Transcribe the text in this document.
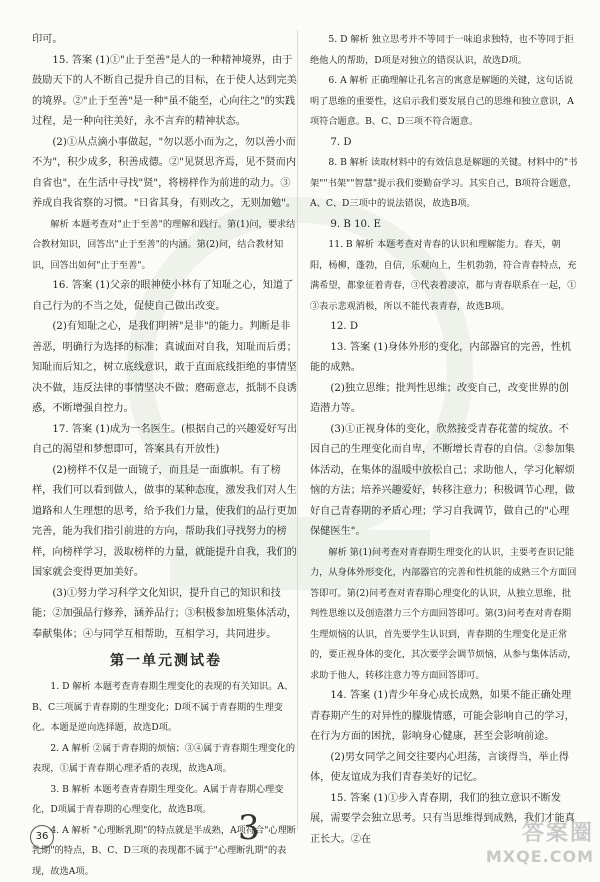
印可。

15. 答案 (1)①"止于至善"是人的一种精神境界，由于鼓励天下的人不断自己提升自己的目标，在于使人达到完美的境界。②"止于至善"是一种"虽不能至，心向往之"的实践过程，是一种向往美好，永不言弃的精神状态。

(2)①从点滴小事做起，"勿以恶小而为之，勿以善小而不为"，积少成多，积善成德。②"见贤思齐焉，见不贤而内自省也"，在生活中寻找"贤"，将榜样作为前进的动力。③养成自我省察的习惯。"日省其身，有则改之，无则加勉"。

解析 本题考查对"止于至善"的理解和践行。第(1)问，要求结合教材知识，回答出"止于至善"的内涵。第(2)问，结合教材知识，回答出如何"止于至善"。

16. 答案 (1)父亲的眼神使小林有了知耻之心，知道了自己行为的不当之处，促使自己做出改变。

(2)有知耻之心，是我们明辨"是非"的能力。判断是非善恶，明确行为选择的标准；真诚面对自我，知耻而后勇；知耻而后知之，树立底线意识，敢于直面底线拒绝的事情坚决不做，违反法律的事情坚决不做；磨砺意志，抵制不良诱惑，不断增强自控力。

17. 答案 (1)成为一名医生。(根据自己的兴趣爱好写出自己的渴望和梦想即可，答案具有开放性)

(2)榜样不仅是一面镜子，而且是一面旗帜。有了榜样，我们可以看到做人，做事的某种态度，激发我们对人生道路和人生理想的思考，给予我们力量，使我们的品行更加完善，能为我们指引前进的方向，帮助我们寻找努力的榜样，向榜样学习，汲取榜样的力量，就能提升自我，我们的国家就会变得更加美好。

(3)①努力学习科学文化知识，提升自己的知识和技能；②加强品行修养，涵养品行；③积极参加班集体活动，奉献集体；④与同学互相帮助，互相学习，共同进步。

第一单元测试卷

1. D 解析 本题考查青春期生理变化的表现的有关知识。A、B、C三项属于青春期的生理变化；D项不属于青春期的生理变化。本题是逆向选择题，故选D项。

2. A 解析 ②属于青春期的烦恼；③④属于青春期生理变化的表现，①属于青春期心理矛盾的表现，故选A项。

3. B 解析 本题考查青春期生理变化。A属于青春期心理变化，D项属于青春期的心理变化，故选B项。

4. A 解析 "心理断乳期"的特点就是半成熟，A项符合"心理断乳期"的特点，B、C、D三项的表现都不属于"心理断乳期"的表现，故选A项。

5. D 解析 独立思考并不等同于一味追求独特，也不等同于拒绝他人的帮助，D项是对独立的错误认识，故选D项。

6. A 解析 正确理解让孔名言的寓意是解题的关键，这句话说明了思维的重要性，这启示我们要发展自己的思维和独立意识，A项符合题意。B、C、D三项不符合题意。

7. D

8. B 解析 读取材料中的有效信息是解题的关键。材料中的"书架""书架""智慧"提示我们要勤奋学习。其实自己，B项符合题意，A、C、D三项中的说法错误，故选B项。

9. B 10. E

11. B 解析 本题考查对青春的认识和理解能力。春天，朝阳，杨柳，蓬勃，自信，乐观向上，生机勃勃，符合青春特点，充满希望，都象征着青春，③代表着凄凉，都与青春联系在一起，①③表示悲观消极，所以不能代表青春，故选B项。

12. D

13. 答案 (1)身体外形的变化，内部器官的完善，性机能的成熟。

(2)独立思维；批判性思维；改变自己，改变世界的创造潜力等。

(3)①正视身体的变化，欣然接受青春花蕾的绽放。不因自己的生理变化而自卑，不断增长青春的自信。②参加集体活动，在集体的温暖中放松自己；求助他人，学习化解烦恼的方法；培养兴趣爱好，转移注意力；积极调节心理，做好自己青春期的矛盾心理；学习自我调节，做自己的"心理保健医生"。

解析 第(1)问考查对青春期生理变化的认识，主要考查识记能力，从身体外形变化，内部器官的完善和性机能的成熟三个方面回答即可。第(2)问考查对青春期心理变化的认识，从独立思维，批判性思维以及创造潜力三个方面回答即可。第(3)问考查对青春期生理烦恼的认识，首先要学生认识到，青春期的生理变化是正常的，要正视身体的变化，其次要学会调节烦恼，从参与集体活动，求助于他人，转移注意力等方面回答即可。

14. 答案 (1)青少年身心成长成熟，如果不能正确处理青春期产生的对异性的朦胧情感，可能会影响自己的学习，在行为方面的困扰，影响身心健康，甚至会影响前途。

(2)男女同学之间交往要内心坦荡，言谈得当，举止得体，使友谊成为我们青春美好的记忆。

15. 答案 (1)①步入青春期，我们的独立意识不断发展，需要学会独立思考。只有当思维得到成熟，我们才能真正长大。②在

36	3	答案圈
MXQE.COM
